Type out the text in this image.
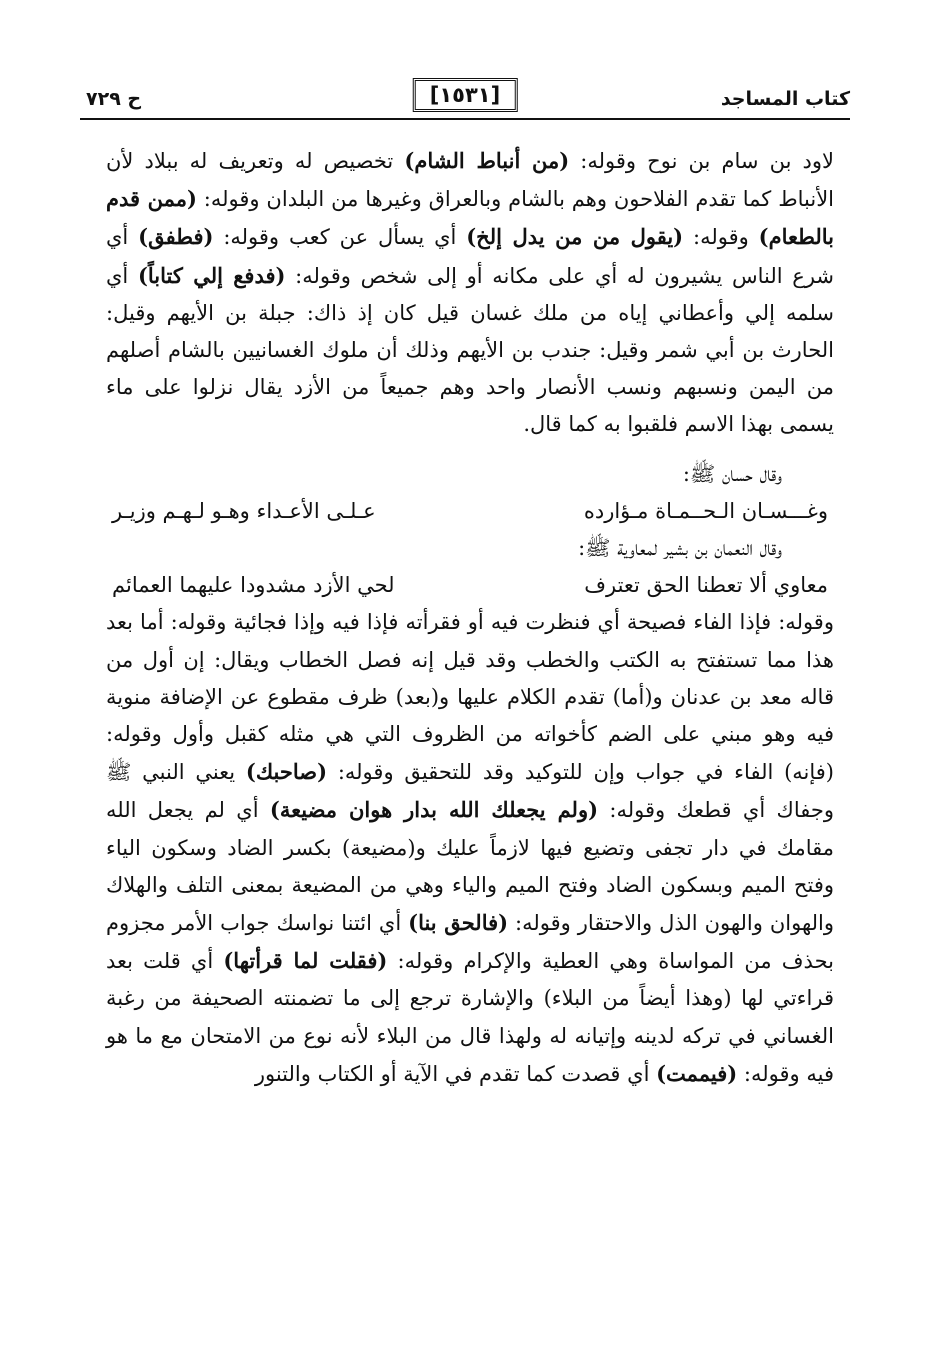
كتاب المساجد
[١٥٣١]
ح ٧٢٩

لاود بن سام بن نوح وقوله: (من أنباط الشام) تخصيص له وتعريف له ببلاد لأن الأنباط كما تقدم الفلاحون وهم بالشام وبالعراق وغيرها من البلدان وقوله: (ممن قدم بالطعام) وقوله: (يقول من من يدل إلخ) أي يسأل عن كعب وقوله: (فطفق) أي شرع الناس يشيرون له أي على مكانه أو إلى شخص وقوله: (فدفع إلي كتاباً) أي سلمه إلي وأعطاني إياه من ملك غسان قيل كان إذ ذاك: جبلة بن الأيهم وقيل: الحارث بن أبي شمر وقيل: جندب بن الأيهم وذلك أن ملوك الغسانيين بالشام أصلهم من اليمن ونسبهم ونسب الأنصار واحد وهم جميعاً من الأزد يقال نزلوا على ماء يسمى بهذا الاسم فلقبوا به كما قال.

وقال حسان ﷺ:
وغـــسـان الـحــمـاة مـؤارده
عـلـى الأعـداء وهـو لـهـم وزيـر
وقال النعمان بن بشير لمعاوية ﷺ:
معاوي ألا تعطنا الحق تعترف
لحي الأزد مشدودا عليهما العمائم

وقوله: فإذا الفاء فصيحة أي فنظرت فيه أو فقرأته فإذا فيه وإذا فجائية وقوله: أما بعد هذا مما تستفتح به الكتب والخطب وقد قيل إنه فصل الخطاب ويقال: إن أول من قاله معد بن عدنان و(أما) تقدم الكلام عليها و(بعد) ظرف مقطوع عن الإضافة منوية فيه وهو مبني على الضم كأخواته من الظروف التي هي مثله كقبل وأول وقوله: (فإنه) الفاء في جواب وإن للتوكيد وقد للتحقيق وقوله: (صاحبك) يعني النبي ﷺ وجفاك أي قطعك وقوله: (ولم يجعلك الله بدار هوان مضيعة) أي لم يجعل الله مقامك في دار تجفى وتضيع فيها لازماً عليك و(مضيعة) بكسر الضاد وسكون الياء وفتح الميم وبسكون الضاد وفتح الميم والياء وهي من المضيعة بمعنى التلف والهلاك والهوان والهون الذل والاحتقار وقوله: (فالحق بنا) أي ائتنا نواسك جواب الأمر مجزوم بحذف من المواساة وهي العطية والإكرام وقوله: (فقلت لما قرأتها) أي قلت بعد قراءتي لها (وهذا أيضاً من البلاء) والإشارة ترجع إلى ما تضمنته الصحيفة من رغبة الغساني في تركه لدينه وإتيانه له ولهذا قال من البلاء لأنه نوع من الامتحان مع ما هو فيه وقوله: (فيممت) أي قصدت كما تقدم في الآية أو الكتاب والتنور
